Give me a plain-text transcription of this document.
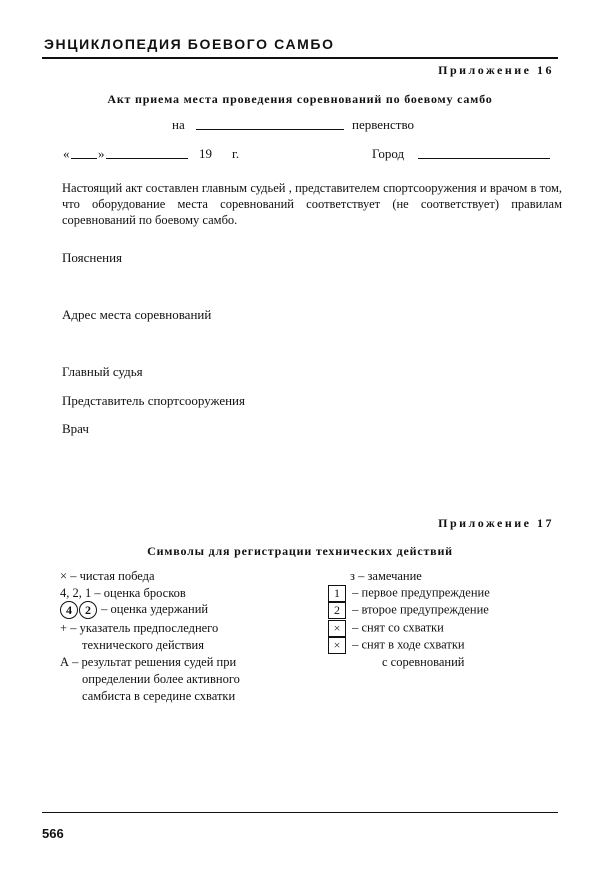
ЭНЦИКЛОПЕДИЯ БОЕВОГО САМБО
Приложение 16
Акт приема места проведения соревнований по боевому самбо
на	первенство
« »	19 г.	Город
Настоящий акт составлен главным судьей , представителем спортсооружения и врачом в том, что оборудование места соревнований соответствует (не соответствует) правилам соревнований по боевому самбо.
Пояснения
Адрес места соревнований
Главный судья
Представитель спортсооружения
Врач
Приложение 17
Символы для регистрации технических действий
× – чистая победа
4, 2, 1 – оценка бросков
4 2 – оценка удержаний
+ – указатель предпоследнего
технического действия
А – результат решения судей при
определении более активного
самбиста в середине схватки
з – замечание
1 – первое предупреждение
2 – второе предупреждение
× – снят со схватки
× – снят в ходе схватки
с соревнований
566
